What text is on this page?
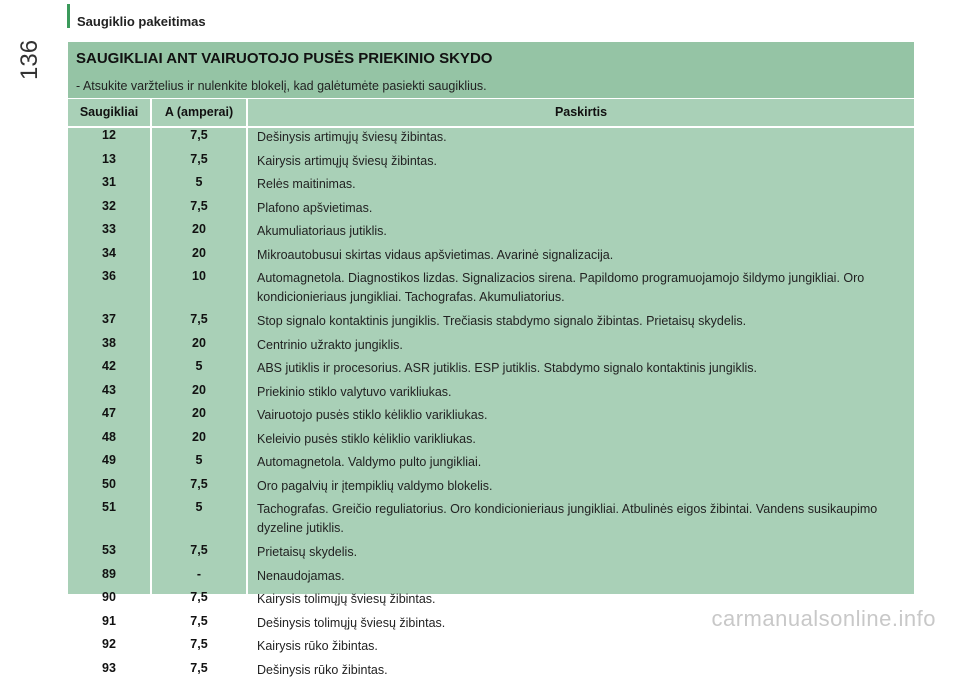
Saugiklio pakeitimas
136	SAUGIKLIAI ANT VAIRUOTOJO PUSĖS PRIEKINIO SKYDO
- Atsukite varžtelius ir nulenkite blokelį, kad galėtumėte pasiekti saugiklius.
Saugikliai	A (amperai)	Paskirtis
12	7,5	Dešinysis artimųjų šviesų žibintas.
13	7,5	Kairysis artimųjų šviesų žibintas.
31	5	Relės maitinimas.
32	7,5	Plafono apšvietimas.
33	20	Akumuliatoriaus jutiklis.
34	20	Mikroautobusui skirtas vidaus apšvietimas. Avarinė signalizacija.
36	10	Automagnetola. Diagnostikos lizdas. Signalizacios sirena. Papildomo programuojamojo šildymo jungikliai. Oro kondicionieriaus jungikliai. Tachografas. Akumuliatorius.
37	7,5	Stop signalo kontaktinis jungiklis. Trečiasis stabdymo signalo žibintas. Prietaisų skydelis.
38	20	Centrinio užrakto jungiklis.
42	5	ABS jutiklis ir procesorius. ASR jutiklis. ESP jutiklis. Stabdymo signalo kontaktinis jungiklis.
43	20	Priekinio stiklo valytuvo varikliukas.
47	20	Vairuotojo pusės stiklo kėliklio varikliukas.
48	20	Keleivio pusės stiklo kėliklio varikliukas.
49	5	Automagnetola. Valdymo pulto jungikliai.
50	7,5	Oro pagalvių ir įtempiklių valdymo blokelis.
51	5	Tachografas. Greičio reguliatorius. Oro kondicionieriaus jungikliai. Atbulinės eigos žibintai. Vandens susikaupimo dyzeline jutiklis.
53	7,5	Prietaisų skydelis.
89	-	Nenaudojamas.
90	7,5	Kairysis tolimųjų šviesų žibintas.
91	7,5	Dešinysis tolimųjų šviesų žibintas.
92	7,5	Kairysis rūko žibintas.
93	7,5	Dešinysis rūko žibintas.
carmanualsonline.info
